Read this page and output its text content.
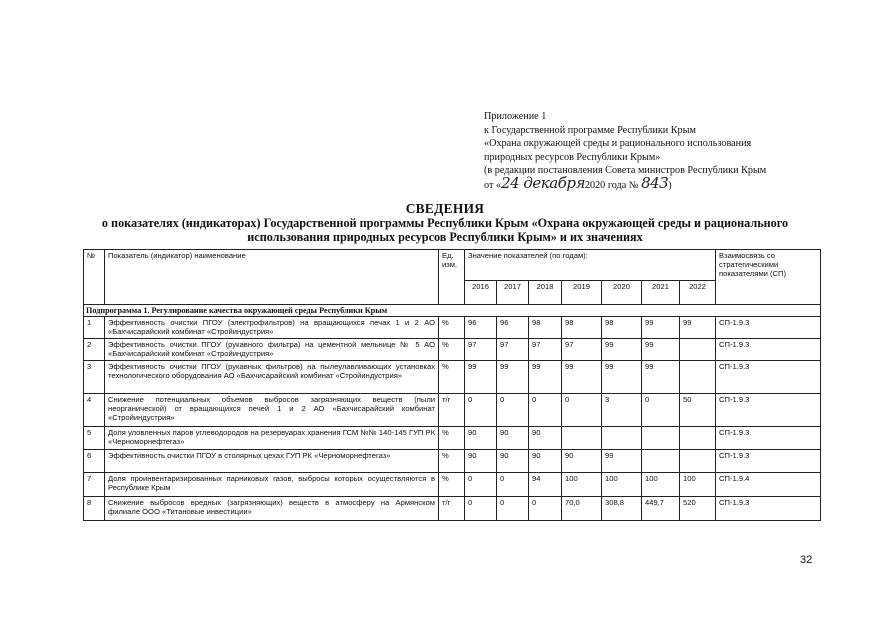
Приложение 1
к Государственной программе Республики Крым
«Охрана окружающей среды и рационального использования
природных ресурсов Республики Крым»
(в редакции постановления Совета министров Республики Крым
от «24 декабря2020 года № 843)
СВЕДЕНИЯ
о показателях (индикаторах) Государственной программы Республики Крым «Охрана окружающей среды и рационального
использования природных ресурсов Республики Крым» и их значениях
№	Показатель (индикатор) наименование	Ед. изм.	Значение показателей (по годам):							Взаимосвязь со стратегическими показателями (СП)
			2016	2017	2018	2019	2020	2021	2022	
Подпрограмма 1. Регулирование качества окружающей среды Республики Крым										
1	Эффективность очистки ПГОУ (электрофильтров) на вращающихся печах 1 и 2 АО «Бахчисарайский комбинат «Стройиндустрия»	%	96	96	98	98	98	99	99	СП-1.9.3
2	Эффективность очистки ПГОУ (рукавного фильтра) на цементной мельнице № 5 АО «Бахчисарайский комбинат «Стройиндустрия»	%	97	97	97	97	99	99		СП-1.9.3
3	Эффективность очистки ПГОУ (рукавных фильтров) на пылеулавливающих установках технологического оборудования АО «Бахчисарайский комбинат «Стройиндустрия»	%	99	99	99	99	99	99		СП-1.9.3
4	Снижение потенциальных объемов выбросов загрязняющих веществ (пыли неорганической) от вращающихся печей 1 и 2 АО «Бахчисарайский комбинат «Стройиндустрия»	т/г	0	0	0	0	3	0	50	СП-1.9.3
5	Доля уловленных паров углеводородов на резервуарах хранения ГСМ №№ 140-145 ГУП РК «Черноморнефтегаз»	%	90	90	90					СП-1.9.3
6	Эффективность очистки ПГОУ в столярных цехах ГУП РК «Черноморнефтегаз»	%	90	90	90	90	99			СП-1.9.3
7	Доля проинвентаризированных парниковых газов, выбросы которых осуществляются в Республике Крым	%	0	0	94	100	100	100	100	СП-1.9.4
8	Снижение выбросов вредных (загрязняющих) веществ в атмосферу на Армянском филиале ООО «Титановые инвестиции»	т/г	0	0	0	70,0	308,8	449,7	520	СП-1.9.3
32
